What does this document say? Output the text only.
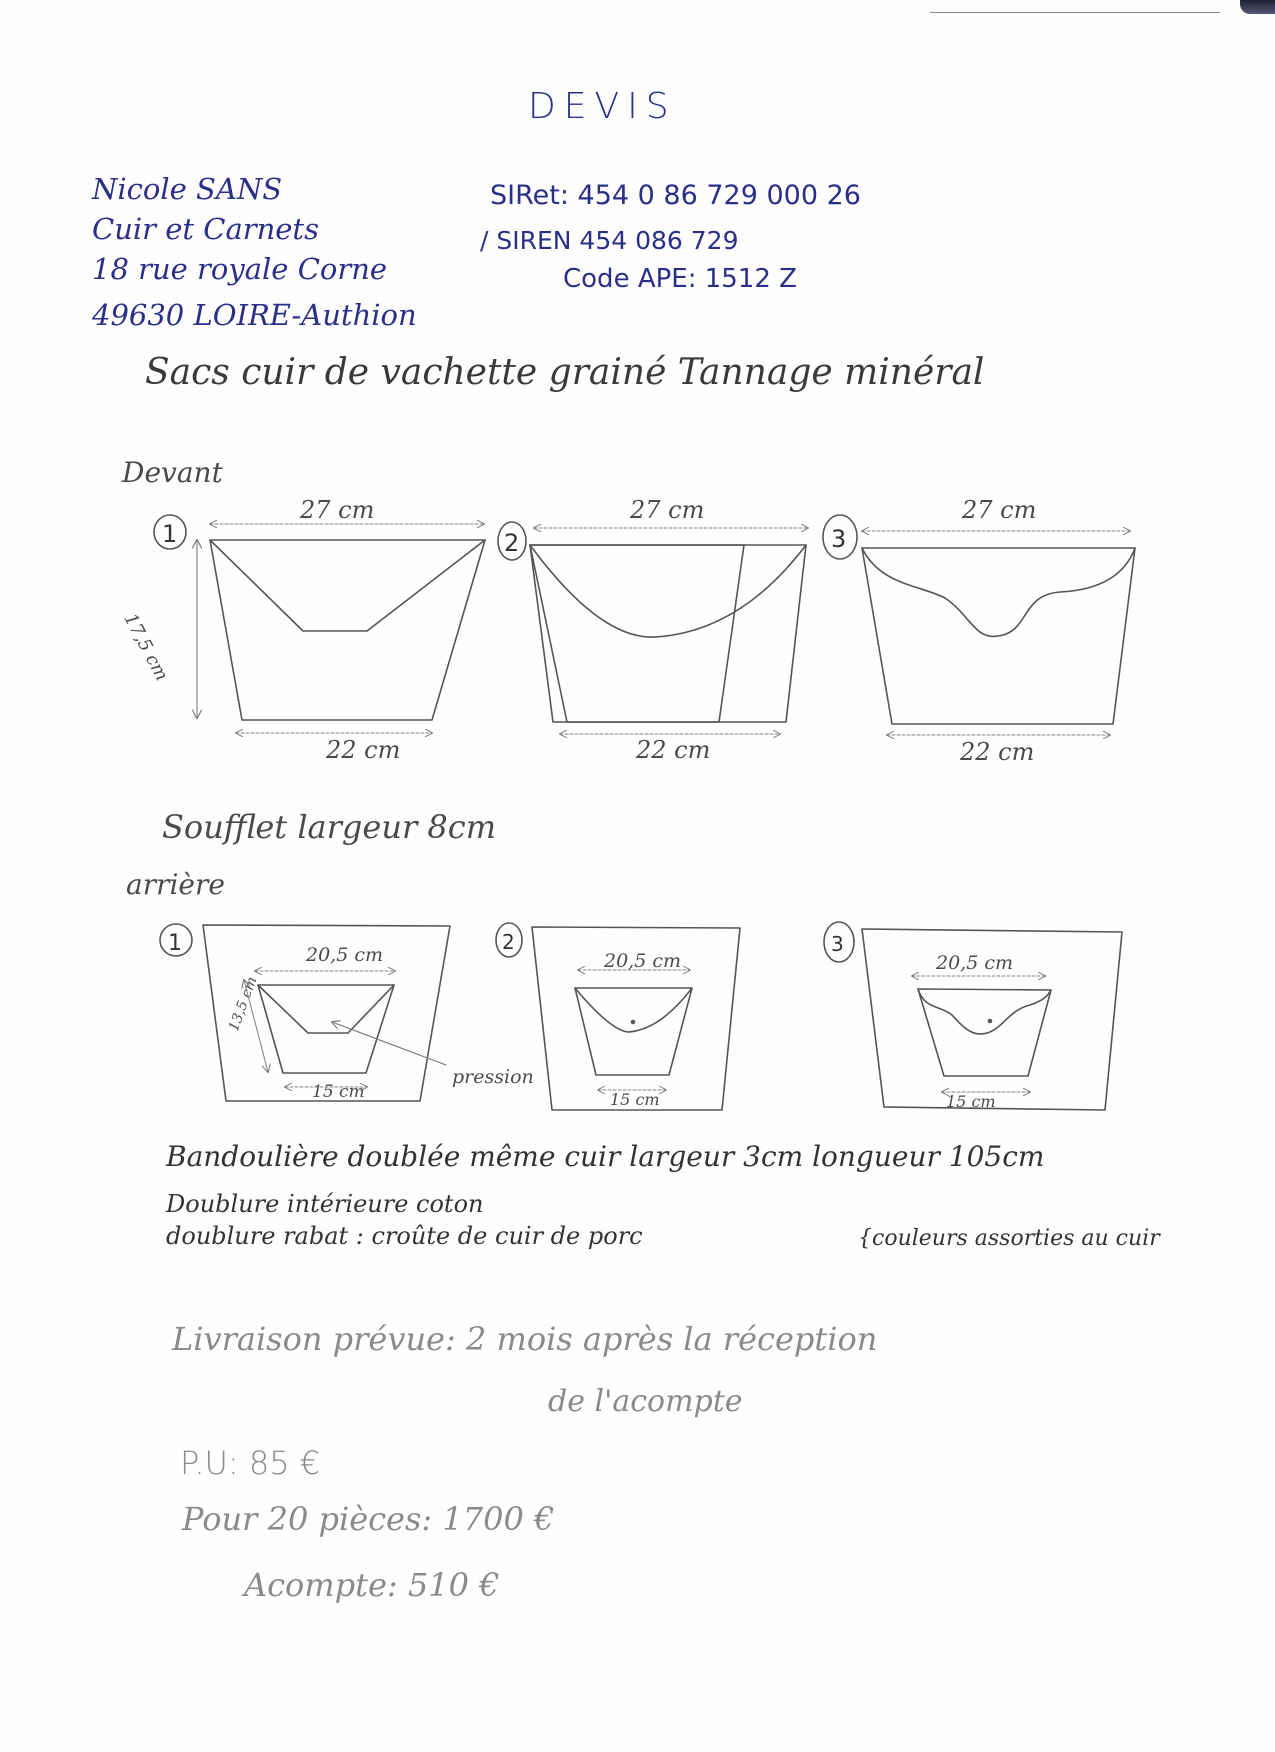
DEVIS
Nicole SANS
Cuir et Carnets
18 rue royale Corne
49630 LOIRE-Authion
SIRet: 454 0 86 729 000 26
/ SIREN 454 086 729
Code APE: 1512 Z
Sacs cuir de vachette grainé Tannage minéral
Devant
27 cm
22 cm
17,5 cm
27 cm
22 cm
27 cm
22 cm
Soufflet largeur 8cm
arrière
20,5 cm
15 cm
13,5 cm
pression
20,5 cm
15 cm
20,5 cm
15 cm
Bandoulière doublée même cuir largeur 3cm longueur 105cm
Doublure intérieure coton
doublure rabat : croûte de cuir de porc	{couleurs assorties au cuir
Livraison prévue: 2 mois après la réception
de l'acompte
P.U: 85 €
Pour 20 pièces: 1700 €
Acompte: 510 €
1	2	3
1	2	3
